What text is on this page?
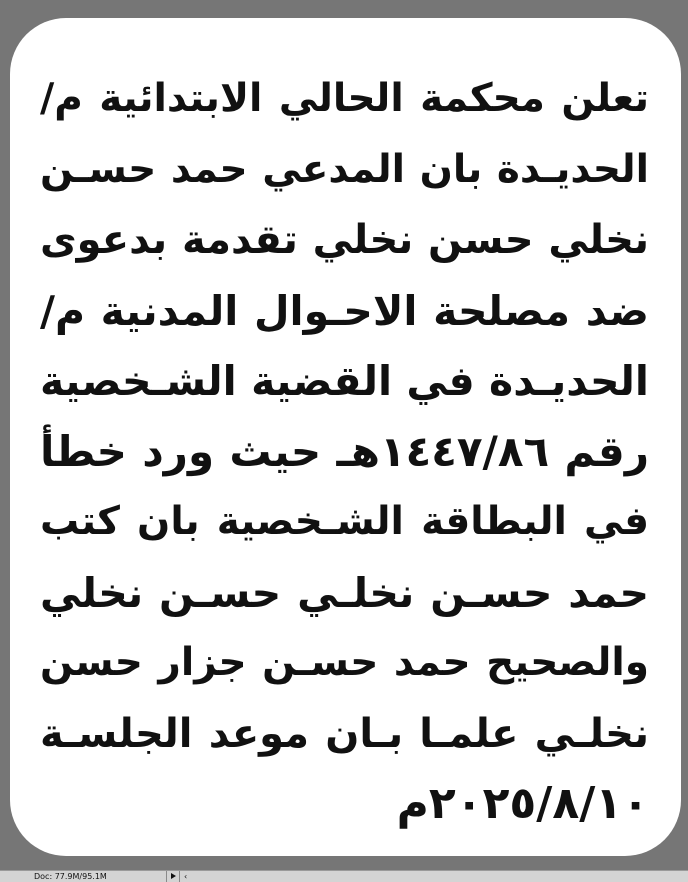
تعلن محكمة الحالي الابتدائية م/
الحديـدة بان المدعي حمد حسـن
نخلي حسن نخلي تقدمة بدعوى
ضد مصلحة الاحـوال المدنية م/
الحديـدة في القضية الشـخصية
رقم ١٤٤٧/٨٦هـ حيث ورد خطأ
في البطاقة الشـخصية بان كتب
حمد حسـن نخلـي حسـن نخلي
والصحيح حمد حسـن جزار حسن
نخلـي علمـا بـان موعد الجلسـة
٢٠٢٥/٨/١٠م

Doc: 77.9M/95.1M	‹
